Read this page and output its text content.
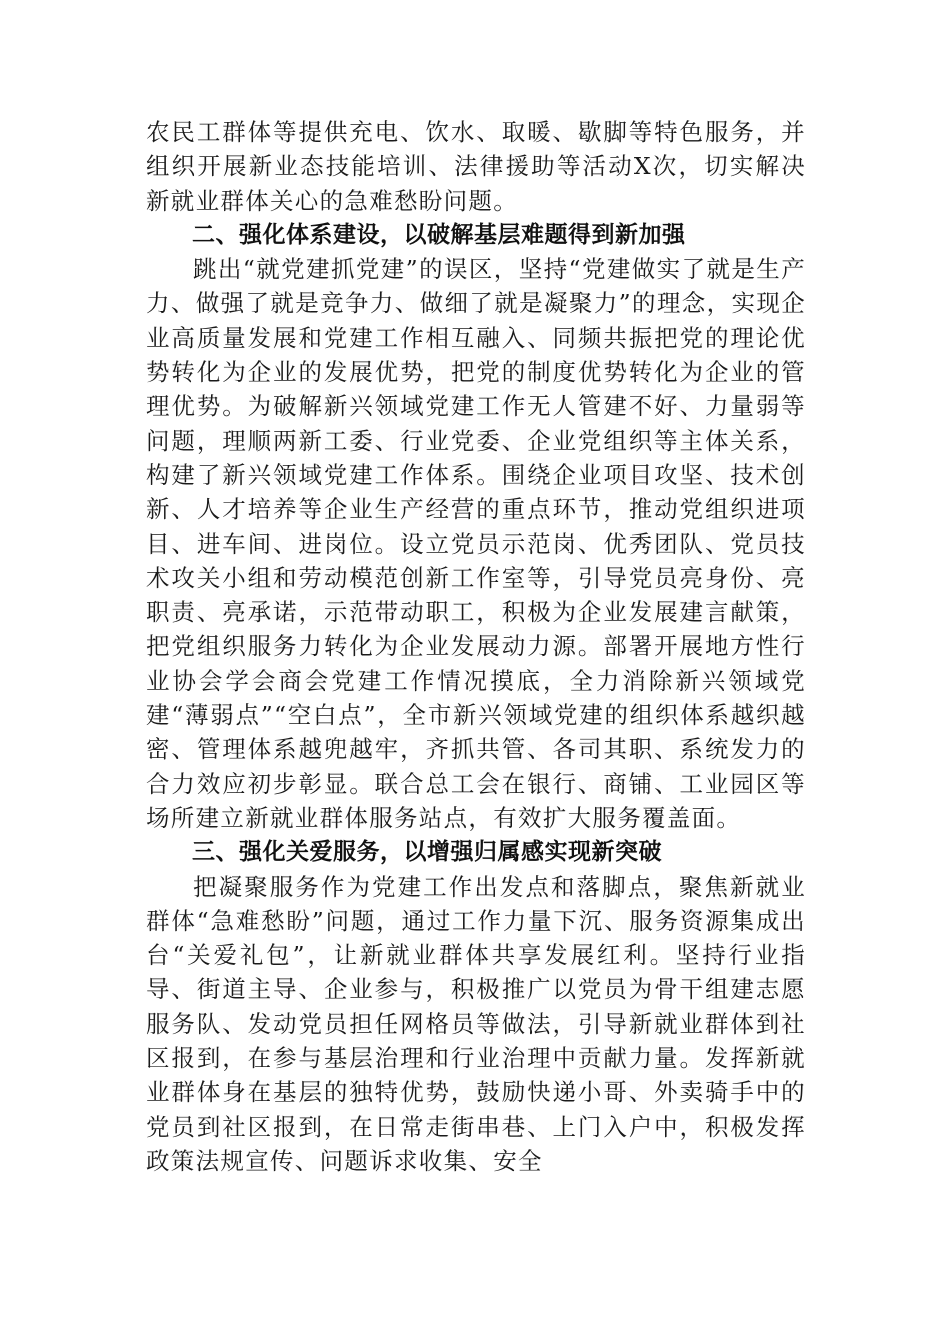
农民工群体等提供充电、饮水、取暖、歇脚等特色服务，并组织开展新业态技能培训、法律援助等活动X次，切实解决新就业群体关心的急难愁盼问题。

二、强化体系建设，以破解基层难题得到新加强

跳出“就党建抓党建”的误区，坚持“党建做实了就是生产力、做强了就是竞争力、做细了就是凝聚力”的理念，实现企业高质量发展和党建工作相互融入、同频共振把党的理论优势转化为企业的发展优势，把党的制度优势转化为企业的管理优势。为破解新兴领域党建工作无人管建不好、力量弱等问题，理顺两新工委、行业党委、企业党组织等主体关系，构建了新兴领域党建工作体系。围绕企业项目攻坚、技术创新、人才培养等企业生产经营的重点环节，推动党组织进项目、进车间、进岗位。设立党员示范岗、优秀团队、党员技术攻关小组和劳动模范创新工作室等，引导党员亮身份、亮职责、亮承诺，示范带动职工，积极为企业发展建言献策，把党组织服务力转化为企业发展动力源。部署开展地方性行业协会学会商会党建工作情况摸底，全力消除新兴领域党建“薄弱点”“空白点”，全市新兴领域党建的组织体系越织越密、管理体系越兜越牢，齐抓共管、各司其职、系统发力的合力效应初步彰显。联合总工会在银行、商铺、工业园区等场所建立新就业群体服务站点，有效扩大服务覆盖面。

三、强化关爱服务，以增强归属感实现新突破

把凝聚服务作为党建工作出发点和落脚点，聚焦新就业群体“急难愁盼”问题，通过工作力量下沉、服务资源集成出台“关爱礼包”，让新就业群体共享发展红利。坚持行业指导、街道主导、企业参与，积极推广以党员为骨干组建志愿服务队、发动党员担任网格员等做法，引导新就业群体到社区报到，在参与基层治理和行业治理中贡献力量。发挥新就业群体身在基层的独特优势，鼓励快递小哥、外卖骑手中的党员到社区报到，在日常走街串巷、上门入户中，积极发挥政策法规宣传、问题诉求收集、安全
